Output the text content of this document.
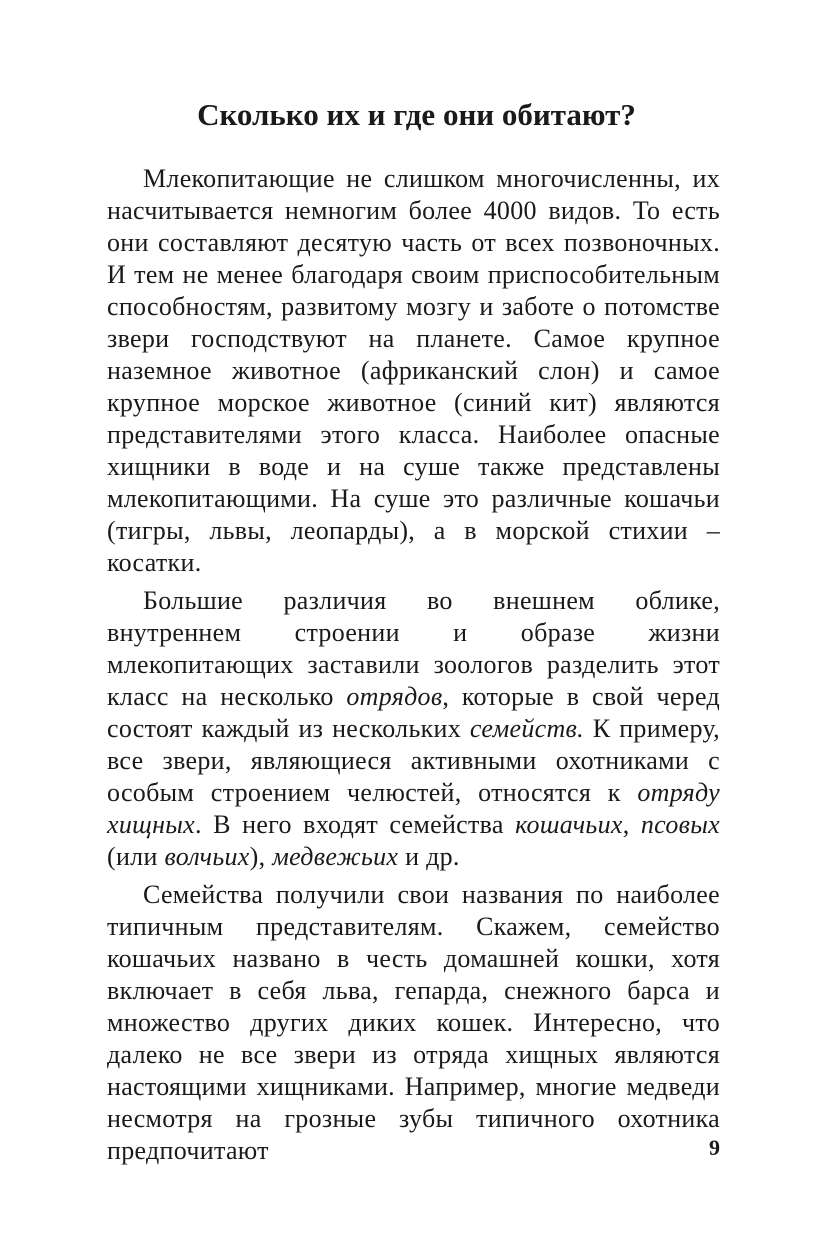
Сколько их и где они обитают?

Млекопитающие не слишком многочисленны, их насчитывается немногим более 4000 видов. То есть они составляют десятую часть от всех позвоночных. И тем не менее благодаря своим приспособительным способностям, развитому мозгу и заботе о потомстве звери господствуют на планете. Самое крупное наземное животное (африканский слон) и самое крупное морское животное (синий кит) являются представителями этого класса. Наиболее опасные хищники в воде и на суше также представлены млекопитающими. На суше это различные кошачьи (тигры, львы, леопарды), а в морской стихии – косатки.

Большие различия во внешнем облике, внутреннем строении и образе жизни млекопитающих заставили зоологов разделить этот класс на несколько отрядов, которые в свой черед состоят каждый из нескольких семейств. К примеру, все звери, являющиеся активными охотниками с особым строением челюстей, относятся к отряду хищных. В него входят семейства кошачьих, псовых (или волчьих), медвежьих и др.

Семейства получили свои названия по наиболее типичным представителям. Скажем, семейство кошачьих названо в честь домашней кошки, хотя включает в себя льва, гепарда, снежного барса и множество других диких кошек. Интересно, что далеко не все звери из отряда хищных являются настоящими хищниками. Например, многие медведи несмотря на грозные зубы типичного охотника предпочитают	9
